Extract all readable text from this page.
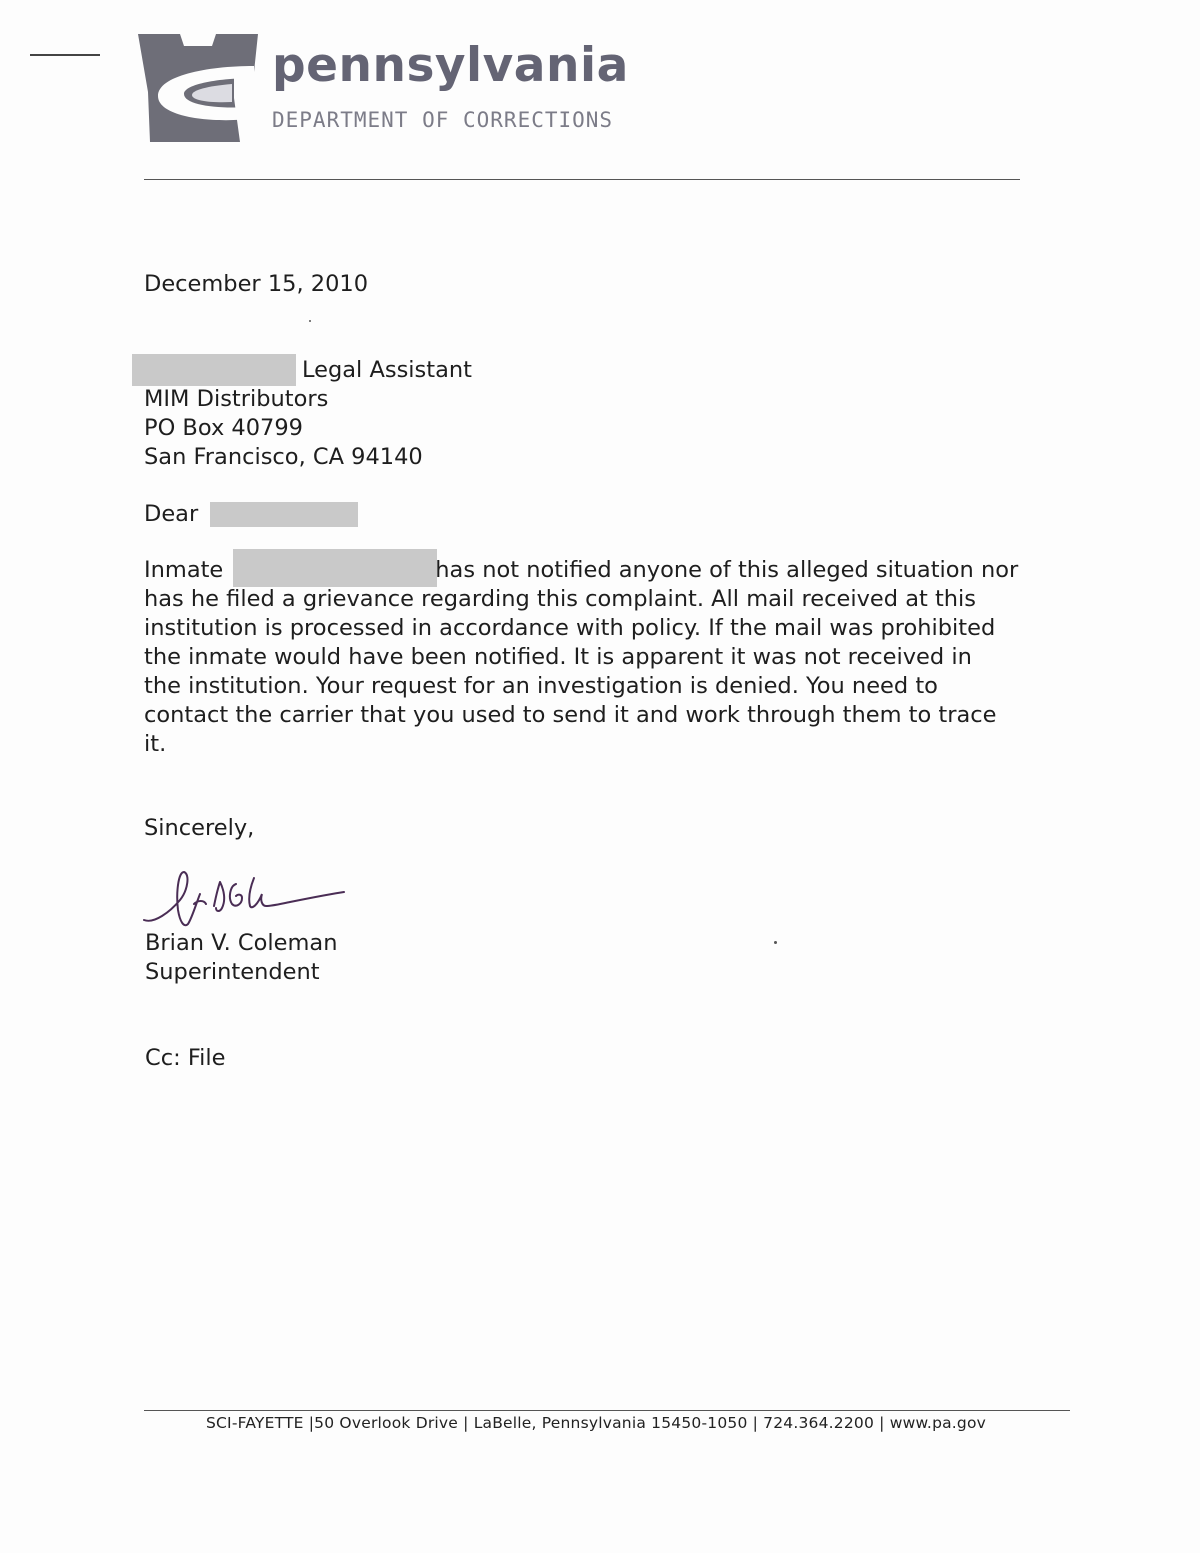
pennsylvania
DEPARTMENT OF CORRECTIONS
December 15, 2010
Legal Assistant
MIM Distributors
PO Box 40799
San Francisco, CA 94140
Dear
Inmate	has not notified anyone of this alleged situation nor
has he filed a grievance regarding this complaint. All mail received at this
institution is processed in accordance with policy. If the mail was prohibited
the inmate would have been notified. It is apparent it was not received in
the institution. Your request for an investigation is denied. You need to
contact the carrier that you used to send it and work through them to trace
it.
Sincerely,
Brian V. Coleman
Superintendent
Cc: File
SCI-FAYETTE |50 Overlook Drive | LaBelle, Pennsylvania 15450-1050 | 724.364.2200 | www.pa.gov
